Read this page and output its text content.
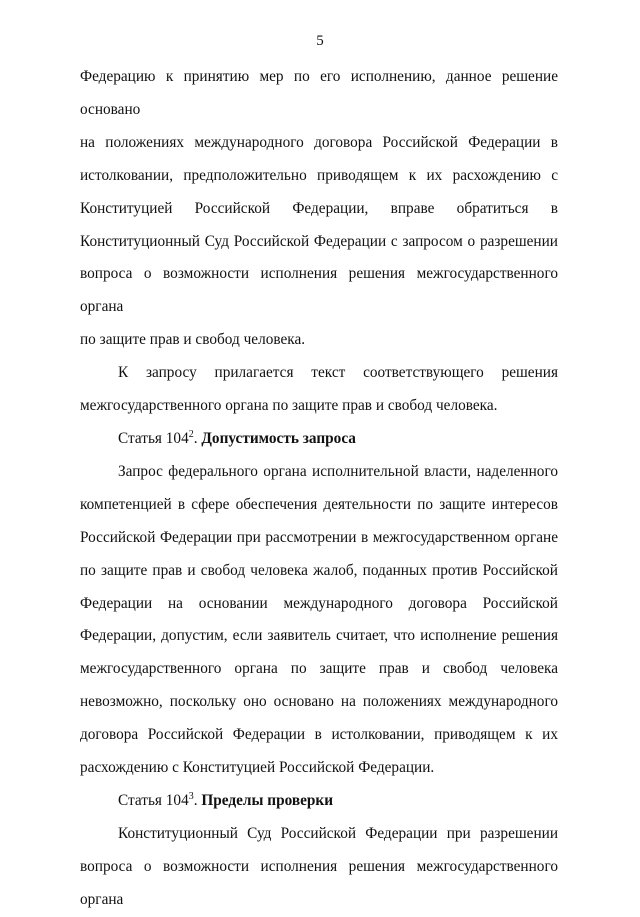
5

Федерацию к принятию мер по его исполнению, данное решение основано
на положениях международного договора Российской Федерации в
истолковании, предположительно приводящем к их расхождению с
Конституцией Российской Федерации, вправе обратиться в
Конституционный Суд Российской Федерации с запросом о разрешении
вопроса о возможности исполнения решения межгосударственного органа
по защите прав и свобод человека.

К запросу прилагается текст соответствующего решения
межгосударственного органа по защите прав и свобод человека.

Статья $104^2$. Допустимость запроса

Запрос федерального органа исполнительной власти, наделенного
компетенцией в сфере обеспечения деятельности по защите интересов
Российской Федерации при рассмотрении в межгосударственном органе
по защите прав и свобод человека жалоб, поданных против Российской
Федерации на основании международного договора Российской
Федерации, допустим, если заявитель считает, что исполнение решения
межгосударственного органа по защите прав и свобод человека
невозможно, поскольку оно основано на положениях международного
договора Российской Федерации в истолковании, приводящем к их
расхождению с Конституцией Российской Федерации.

Статья $104^3$. Пределы проверки

Конституционный Суд Российской Федерации при разрешении
вопроса о возможности исполнения решения межгосударственного органа
